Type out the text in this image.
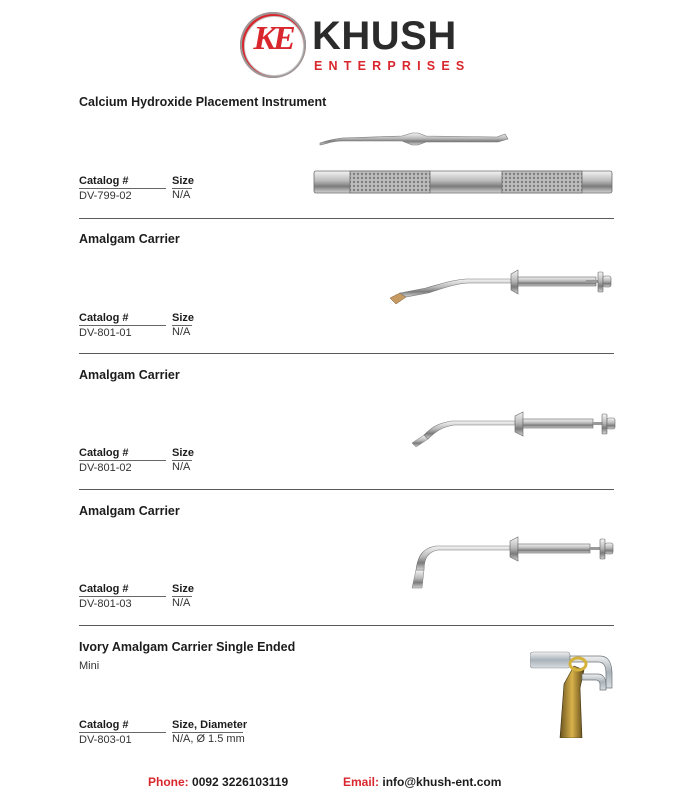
KE KHUSH
ENTERPRISES
Calcium Hydroxide Placement Instrument
Catalog #	Size
DV-799-02	N/A
Amalgam Carrier
Catalog #	Size
DV-801-01	N/A
Amalgam Carrier
Catalog #	Size
DV-801-02	N/A
Amalgam Carrier
Catalog #	Size
DV-801-03	N/A
Ivory Amalgam Carrier Single Ended
Mini
Catalog #	Size, Diameter
DV-803-01	N/A, Ø 1.5 mm
Phone: 0092 3226103119	Email: info@khush-ent.com
